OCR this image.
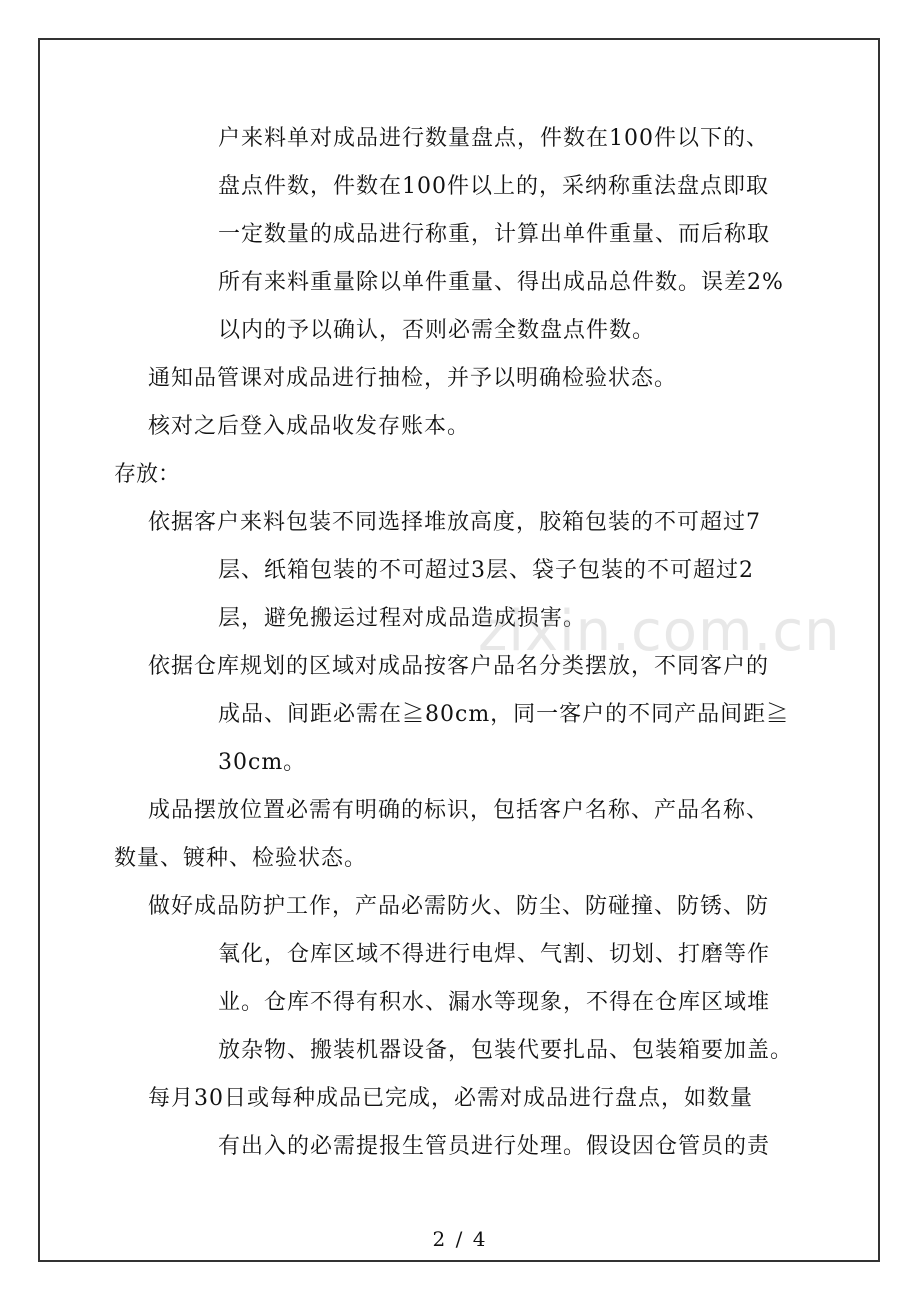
户来料单对成品进行数量盘点，件数在100件以下的、
盘点件数，件数在100件以上的，采纳称重法盘点即取
一定数量的成品进行称重，计算出单件重量、而后称取
所有来料重量除以单件重量、得出成品总件数。误差2%
以内的予以确认，否则必需全数盘点件数。
通知品管课对成品进行抽检，并予以明确检验状态。
核对之后登入成品收发存账本。
存放：
依据客户来料包装不同选择堆放高度，胶箱包装的不可超过7
层、纸箱包装的不可超过3层、袋子包装的不可超过2
层，避免搬运过程对成品造成损害。
zixin.com.cn
依据仓库规划的区域对成品按客户品名分类摆放，不同客户的
成品、间距必需在≧80cm，同一客户的不同产品间距≧
30cm。
成品摆放位置必需有明确的标识，包括客户名称、产品名称、
数量、镀种、检验状态。
做好成品防护工作，产品必需防火、防尘、防碰撞、防锈、防
氧化，仓库区域不得进行电焊、气割、切划、打磨等作
业。仓库不得有积水、漏水等现象，不得在仓库区域堆
放杂物、搬装机器设备，包装代要扎品、包装箱要加盖。
每月30日或每种成品已完成，必需对成品进行盘点，如数量
有出入的必需提报生管员进行处理。假设因仓管员的责
2 / 4
